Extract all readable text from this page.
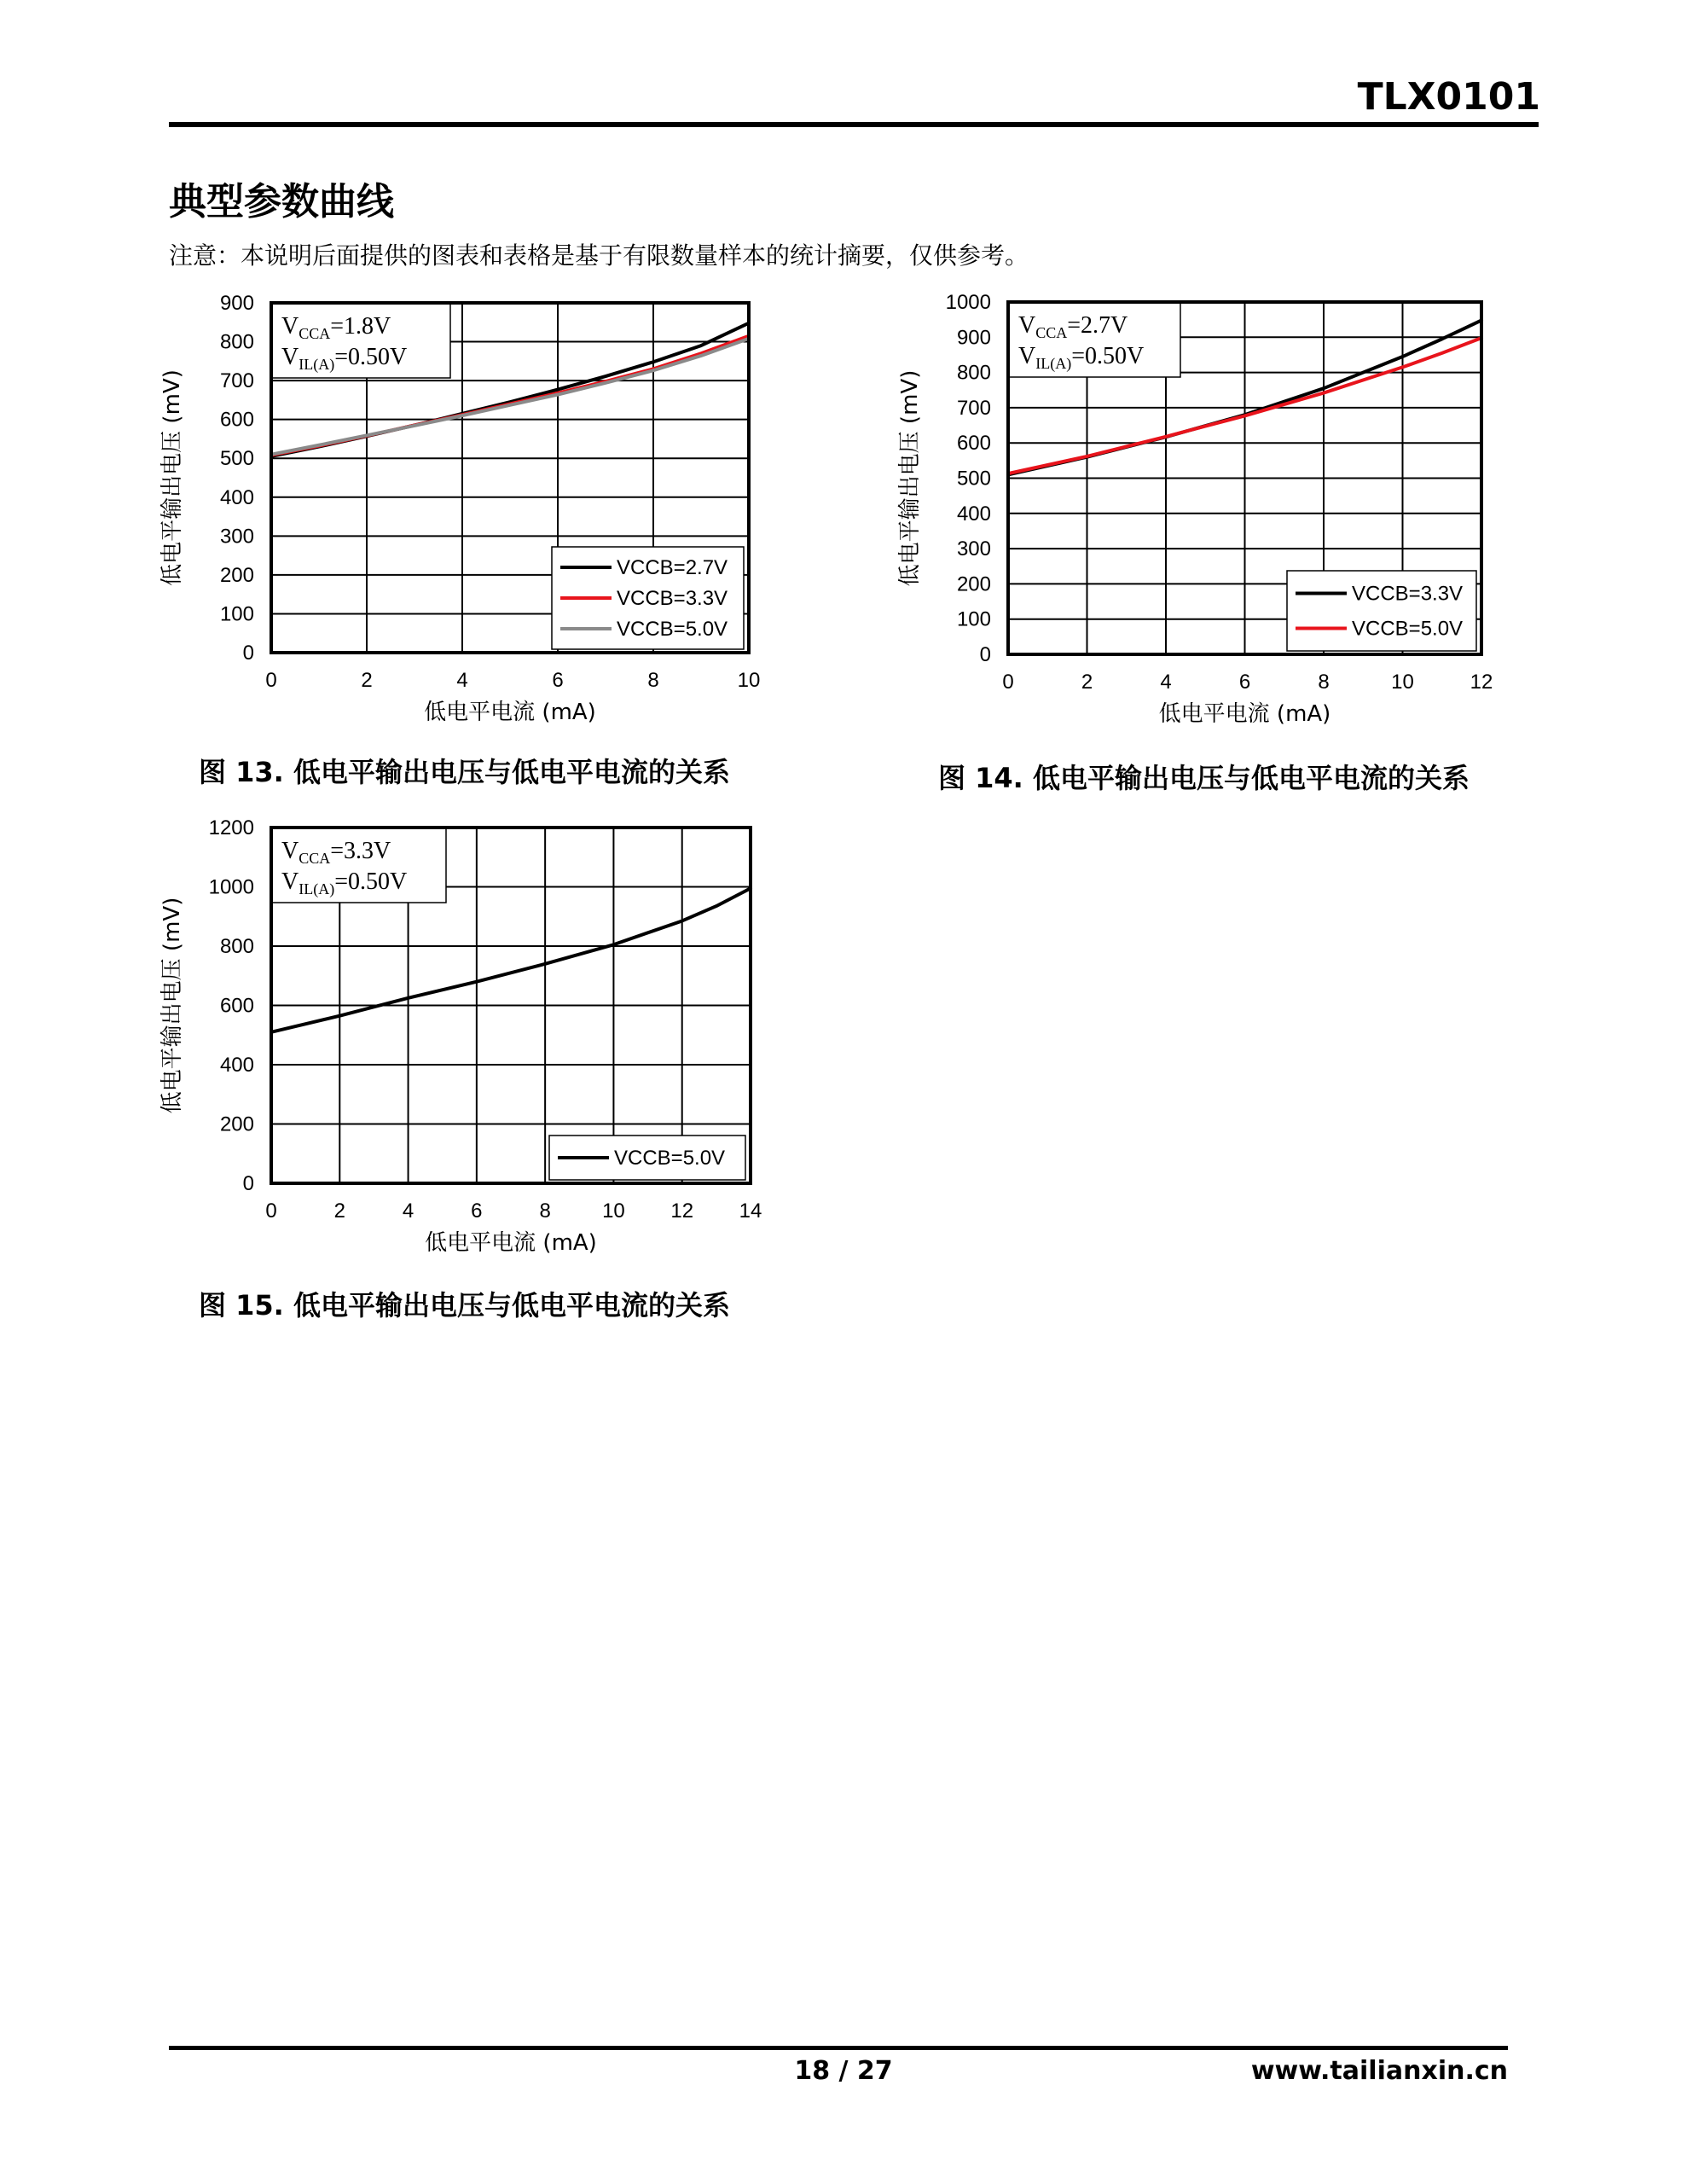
TLX0101
典型参数曲线
注意：本说明后面提供的图表和表格是基于有限数量样本的统计摘要，仅供参考。
0	2	4	6	8	10
0
100
200
300
400
500
600
700
800
900
低电平电流 (mA)
低电平输出电压 (mV)
$V_{CCA}=1.8V$
$V_{IL(A)}=0.50V$
VCCB=2.7V
VCCB=3.3V
VCCB=5.0V
图 13. 低电平输出电压与低电平电流的关系
0	2	4	6	8	10	12
0
100
200
300
400
500
600
700
800
900
1000
低电平电流 (mA)
低电平输出电压 (mV)
$V_{CCA}=2.7V$
$V_{IL(A)}=0.50V$
VCCB=3.3V
VCCB=5.0V
图 14. 低电平输出电压与低电平电流的关系
0	2	4	6	8	10 12 14
0
200
400
600
800
1000
1200
低电平电流 (mA)
低电平输出电压 (mV)
$V_{CCA}=3.3V$
$V_{IL(A)}=0.50V$
VCCB=5.0V
图 15. 低电平输出电压与低电平电流的关系
18 / 27	www.tailianxin.cn
